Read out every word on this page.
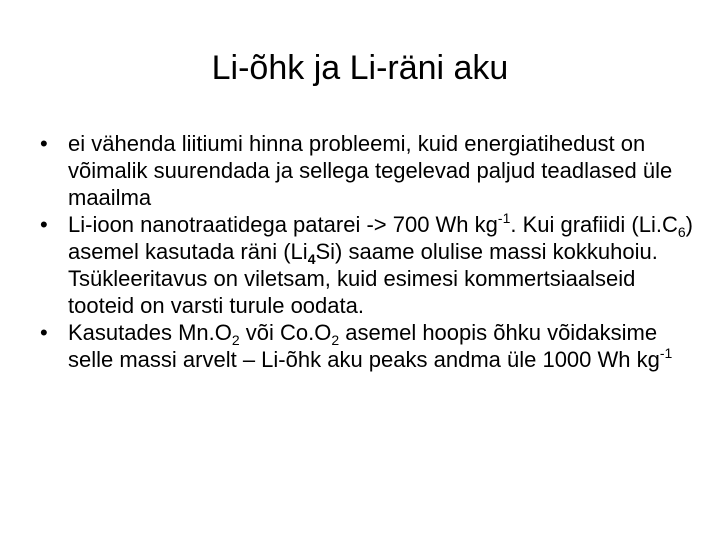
Li-õhk ja Li-räni aku
• ei vähenda liitiumi hinna probleemi, kuid energiatihedust on võimalik suurendada ja sellega tegelevad paljud teadlased üle maailma
• Li-ioon nanotraatidega patarei -> 700 Wh $kg^{-1}$. Kui grafiidi $(Li.C_6)$ asemel kasutada räni $(Li_4Si)$ saame olulise massi kokkuhoiu. Tsükleeritavus on viletsam, kuid esimesi kommertsiaalseid tooteid on varsti turule oodata.
• Kasutades $Mn.O_2$ või $Co.O_2$ asemel hoopis õhku võidaksime selle massi arvelt – Li-õhk aku peaks andma üle 1000 Wh $kg^{-1}$
